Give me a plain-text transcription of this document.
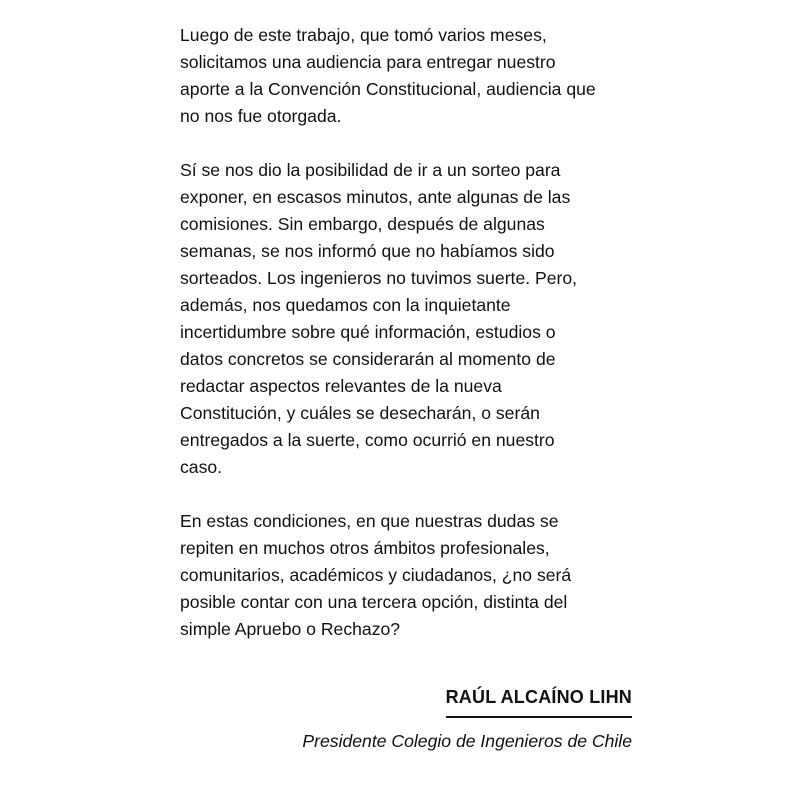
Luego de este trabajo, que tomó varios meses,
solicitamos una audiencia para entregar nuestro
aporte a la Convención Constitucional, audiencia que
no nos fue otorgada.

Sí se nos dio la posibilidad de ir a un sorteo para
exponer, en escasos minutos, ante algunas de las
comisiones. Sin embargo, después de algunas
semanas, se nos informó que no habíamos sido
sorteados. Los ingenieros no tuvimos suerte. Pero,
además, nos quedamos con la inquietante
incertidumbre sobre qué información, estudios o
datos concretos se considerarán al momento de
redactar aspectos relevantes de la nueva
Constitución, y cuáles se desecharán, o serán
entregados a la suerte, como ocurrió en nuestro
caso.

En estas condiciones, en que nuestras dudas se
repiten en muchos otros ámbitos profesionales,
comunitarios, académicos y ciudadanos, ¿no será
posible contar con una tercera opción, distinta del
simple Apruebo o Rechazo?

RAÚL ALCAÍNO LIHN
Presidente Colegio de Ingenieros de Chile
